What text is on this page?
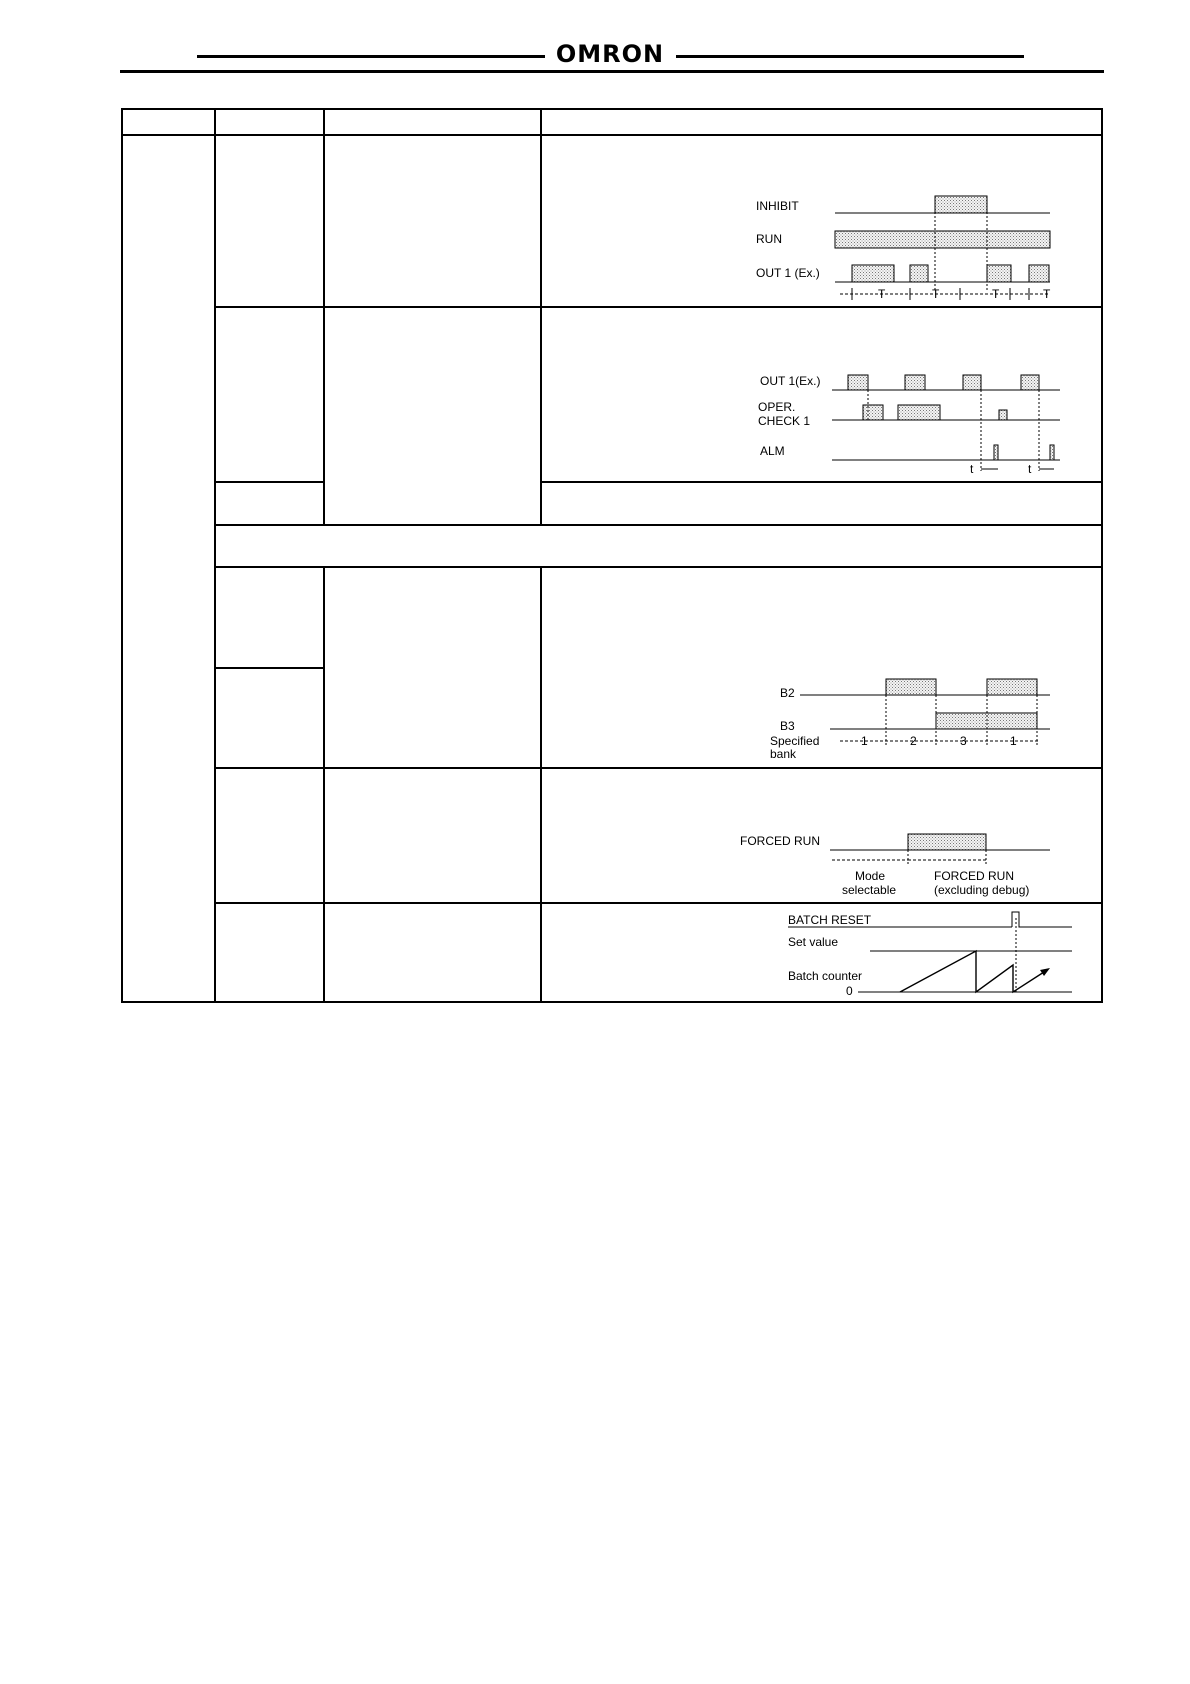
OMRON
INHIBIT
RUN
OUT 1 (Ex.)
T	T	T	T
OUT 1(Ex.)
OPER.
CHECK 1
ALM
t	t
B2
B3
Specified
bank
1	2	3	1
FORCED RUN
Mode
selectable
FORCED RUN
(excluding debug)
BATCH RESET
Set value
Batch counter
0
